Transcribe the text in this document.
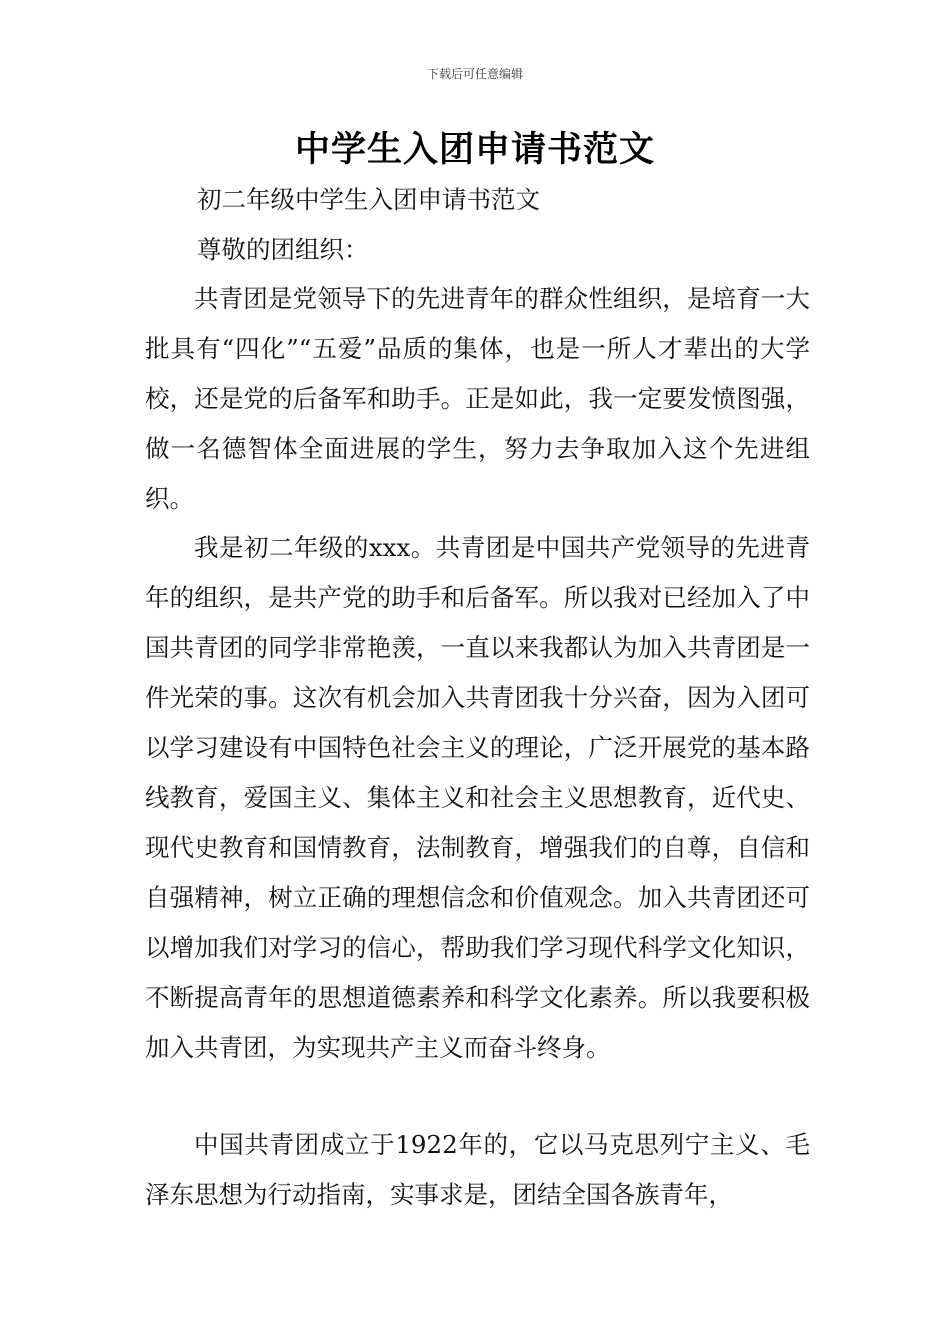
下载后可任意编辑
中学生入团申请书范文

初二年级中学生入团申请书范文

尊敬的团组织：

共青团是党领导下的先进青年的群众性组织，是培育一大批具有“四化”“五爱”品质的集体，也是一所人才辈出的大学校，还是党的后备军和助手。正是如此，我一定要发愤图强，做一名德智体全面进展的学生，努力去争取加入这个先进组织。

我是初二年级的xxx。共青团是中国共产党领导的先进青年的组织，是共产党的助手和后备军。所以我对已经加入了中国共青团的同学非常艳羡，一直以来我都认为加入共青团是一件光荣的事。这次有机会加入共青团我十分兴奋，因为入团可以学习建设有中国特色社会主义的理论，广泛开展党的基本路线教育，爱国主义、集体主义和社会主义思想教育，近代史、现代史教育和国情教育，法制教育，增强我们的自尊，自信和自强精神，树立正确的理想信念和价值观念。加入共青团还可以增加我们对学习的信心，帮助我们学习现代科学文化知识，不断提高青年的思想道德素养和科学文化素养。所以我要积极加入共青团，为实现共产主义而奋斗终身。

中国共青团成立于1922年的，它以马克思列宁主义、毛泽东思想为行动指南，实事求是，团结全国各族青年，
